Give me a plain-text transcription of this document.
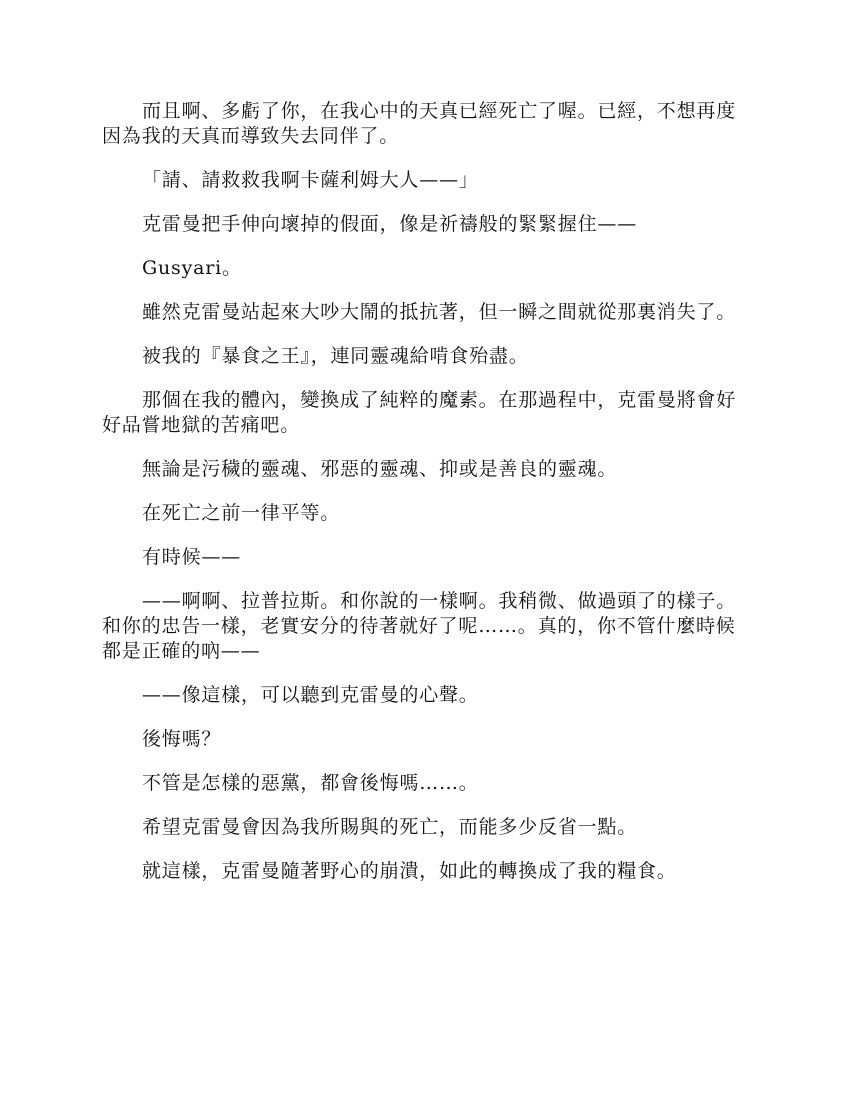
而且啊、多虧了你，在我心中的天真已經死亡了喔。已經，不想再度因為我的天真而導致失去同伴了。

「請、請救救我啊卡薩利姆大人——」

克雷曼把手伸向壞掉的假面，像是祈禱般的緊緊握住——

Gusyari。

雖然克雷曼站起來大吵大鬧的抵抗著，但一瞬之間就從那裏消失了。

被我的『暴食之王』，連同靈魂給啃食殆盡。

那個在我的體內，變換成了純粹的魔素。在那過程中，克雷曼將會好好品嘗地獄的苦痛吧。

無論是污穢的靈魂、邪惡的靈魂、抑或是善良的靈魂。

在死亡之前一律平等。

有時候——

——啊啊、拉普拉斯。和你說的一樣啊。我稍微、做過頭了的樣子。和你的忠告一樣，老實安分的待著就好了呢……。真的，你不管什麼時候都是正確的吶——

——像這樣，可以聽到克雷曼的心聲。

後悔嗎？

不管是怎樣的惡黨，都會後悔嗎……。

希望克雷曼會因為我所賜與的死亡，而能多少反省一點。

就這樣，克雷曼隨著野心的崩潰，如此的轉換成了我的糧食。
